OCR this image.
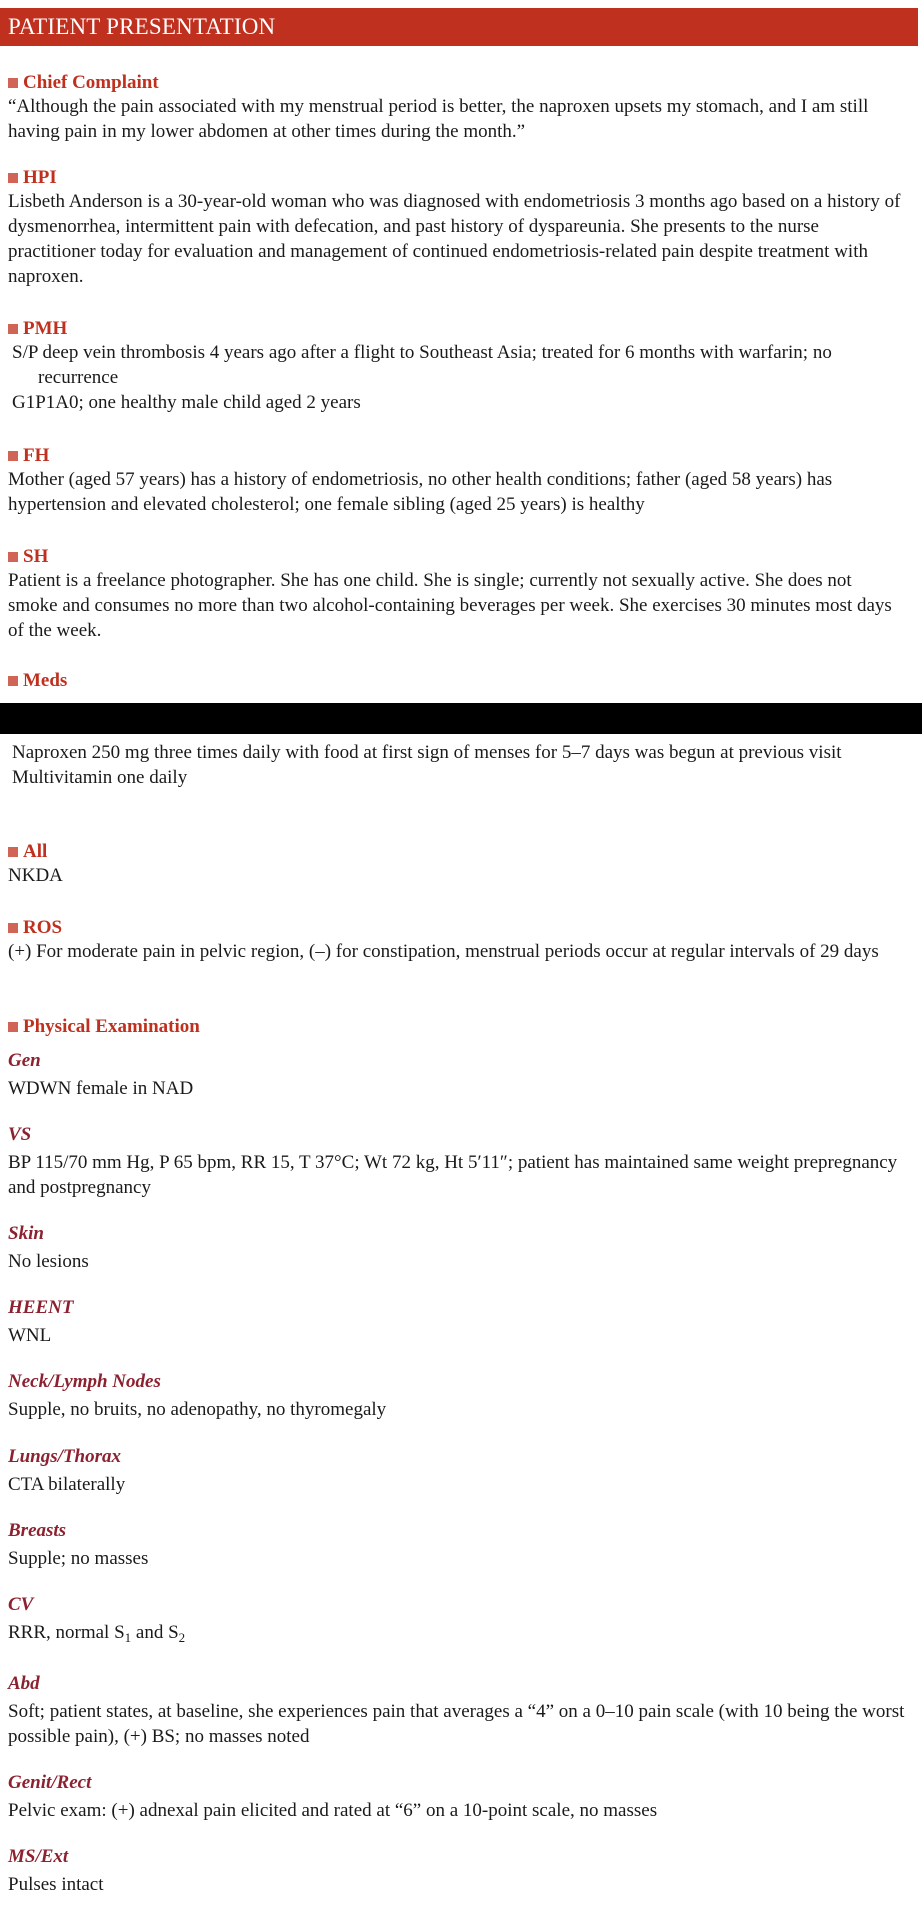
PATIENT PRESENTATION
Chief Complaint

“Although the pain associated with my menstrual period is better, the naproxen upsets my stomach, and I am still having pain in my lower abdomen at other times during the month.”

HPI

Lisbeth Anderson is a 30-year-old woman who was diagnosed with endometriosis 3 months ago based on a history of dysmenorrhea, intermittent pain with defecation, and past history of dyspareunia. She presents to the nurse practitioner today for evaluation and management of continued endometriosis-related pain despite treatment with naproxen.

PMH

S/P deep vein thrombosis 4 years ago after a flight to Southeast Asia; treated for 6 months with warfarin; no recurrence

G1P1A0; one healthy male child aged 2 years

FH

Mother (aged 57 years) has a history of endometriosis, no other health conditions; father (aged 58 years) has hypertension and elevated cholesterol; one female sibling (aged 25 years) is healthy

SH

Patient is a freelance photographer. She has one child. She is single; currently not sexually active. She does not smoke and consumes no more than two alcohol-containing beverages per week. She exercises 30 minutes most days of the week.

Meds

Naproxen 250 mg three times daily with food at first sign of menses for 5–7 days was begun at previous visit

Multivitamin one daily

All

NKDA

ROS

(+) For moderate pain in pelvic region, (–) for constipation, menstrual periods occur at regular intervals of 29 days

Physical Examination
Gen

WDWN female in NAD

VS

BP 115/70 mm Hg, P 65 bpm, RR 15, T 37°C; Wt 72 kg, Ht 5′11″; patient has maintained same weight prepregnancy and postpregnancy

Skin

No lesions

HEENT

WNL

Neck/Lymph Nodes

Supple, no bruits, no adenopathy, no thyromegaly

Lungs/Thorax

CTA bilaterally

Breasts

Supple; no masses

CV

RRR, normal $S_1$ and $S_2$

Abd

Soft; patient states, at baseline, she experiences pain that averages a “4” on a 0–10 pain scale (with 10 being the worst possible pain), (+) BS; no masses noted

Genit/Rect

Pelvic exam: (+) adnexal pain elicited and rated at “6” on a 10-point scale, no masses

MS/Ext

Pulses intact
